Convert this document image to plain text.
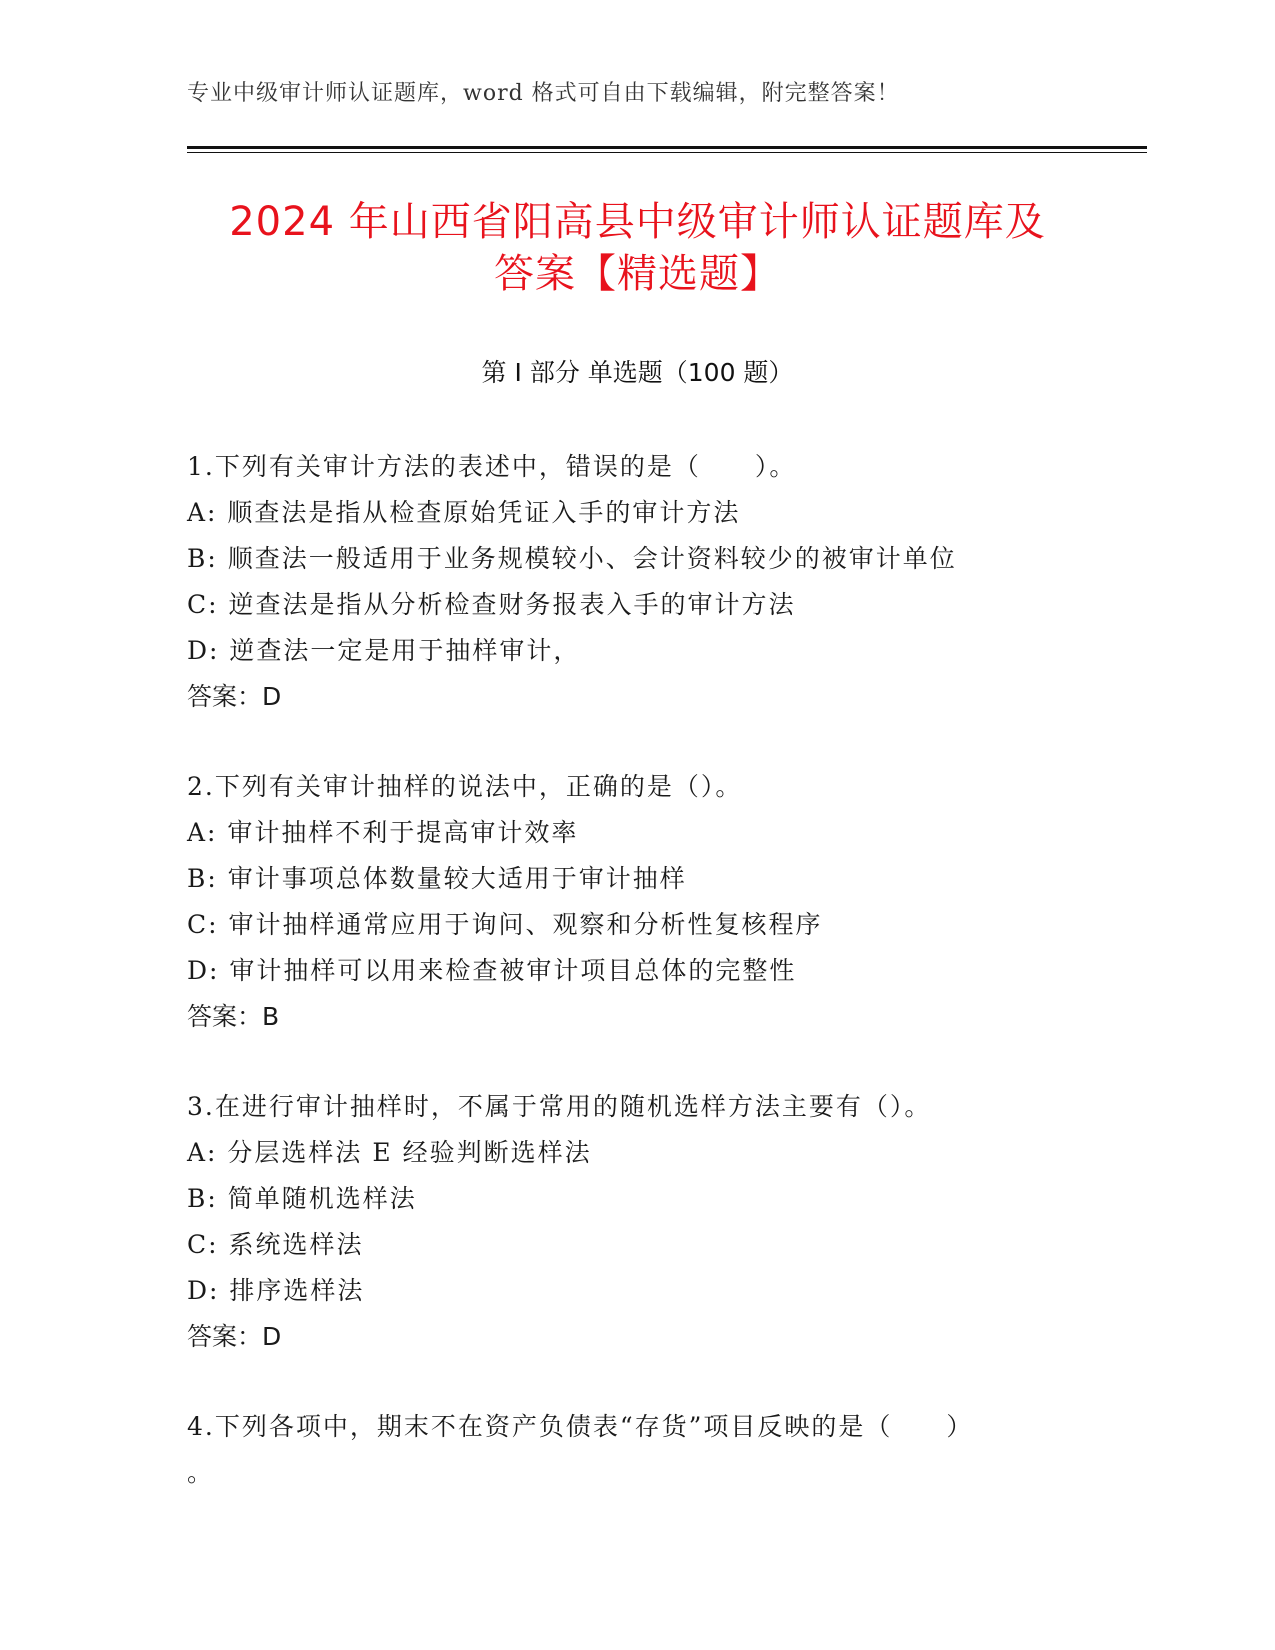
专业中级审计师认证题库，word 格式可自由下载编辑，附完整答案！
2024 年山西省阳高县中级审计师认证题库及
答案【精选题】
第 I 部分 单选题（100 题）
1.下列有关审计方法的表述中，错误的是（　　）。
A: 顺查法是指从检查原始凭证入手的审计方法
B: 顺查法一般适用于业务规模较小、会计资料较少的被审计单位
C: 逆查法是指从分析检查财务报表入手的审计方法
D: 逆查法一定是用于抽样审计，
答案：D
2.下列有关审计抽样的说法中，正确的是（）。
A: 审计抽样不利于提高审计效率
B: 审计事项总体数量较大适用于审计抽样
C: 审计抽样通常应用于询问、观察和分析性复核程序
D: 审计抽样可以用来检查被审计项目总体的完整性
答案：B
3.在进行审计抽样时，不属于常用的随机选样方法主要有（）。
A: 分层选样法 E 经验判断选样法
B: 简单随机选样法
C: 系统选样法
D: 排序选样法
答案：D
4.下列各项中，期末不在资产负债表“存货”项目反映的是（　　）
。
